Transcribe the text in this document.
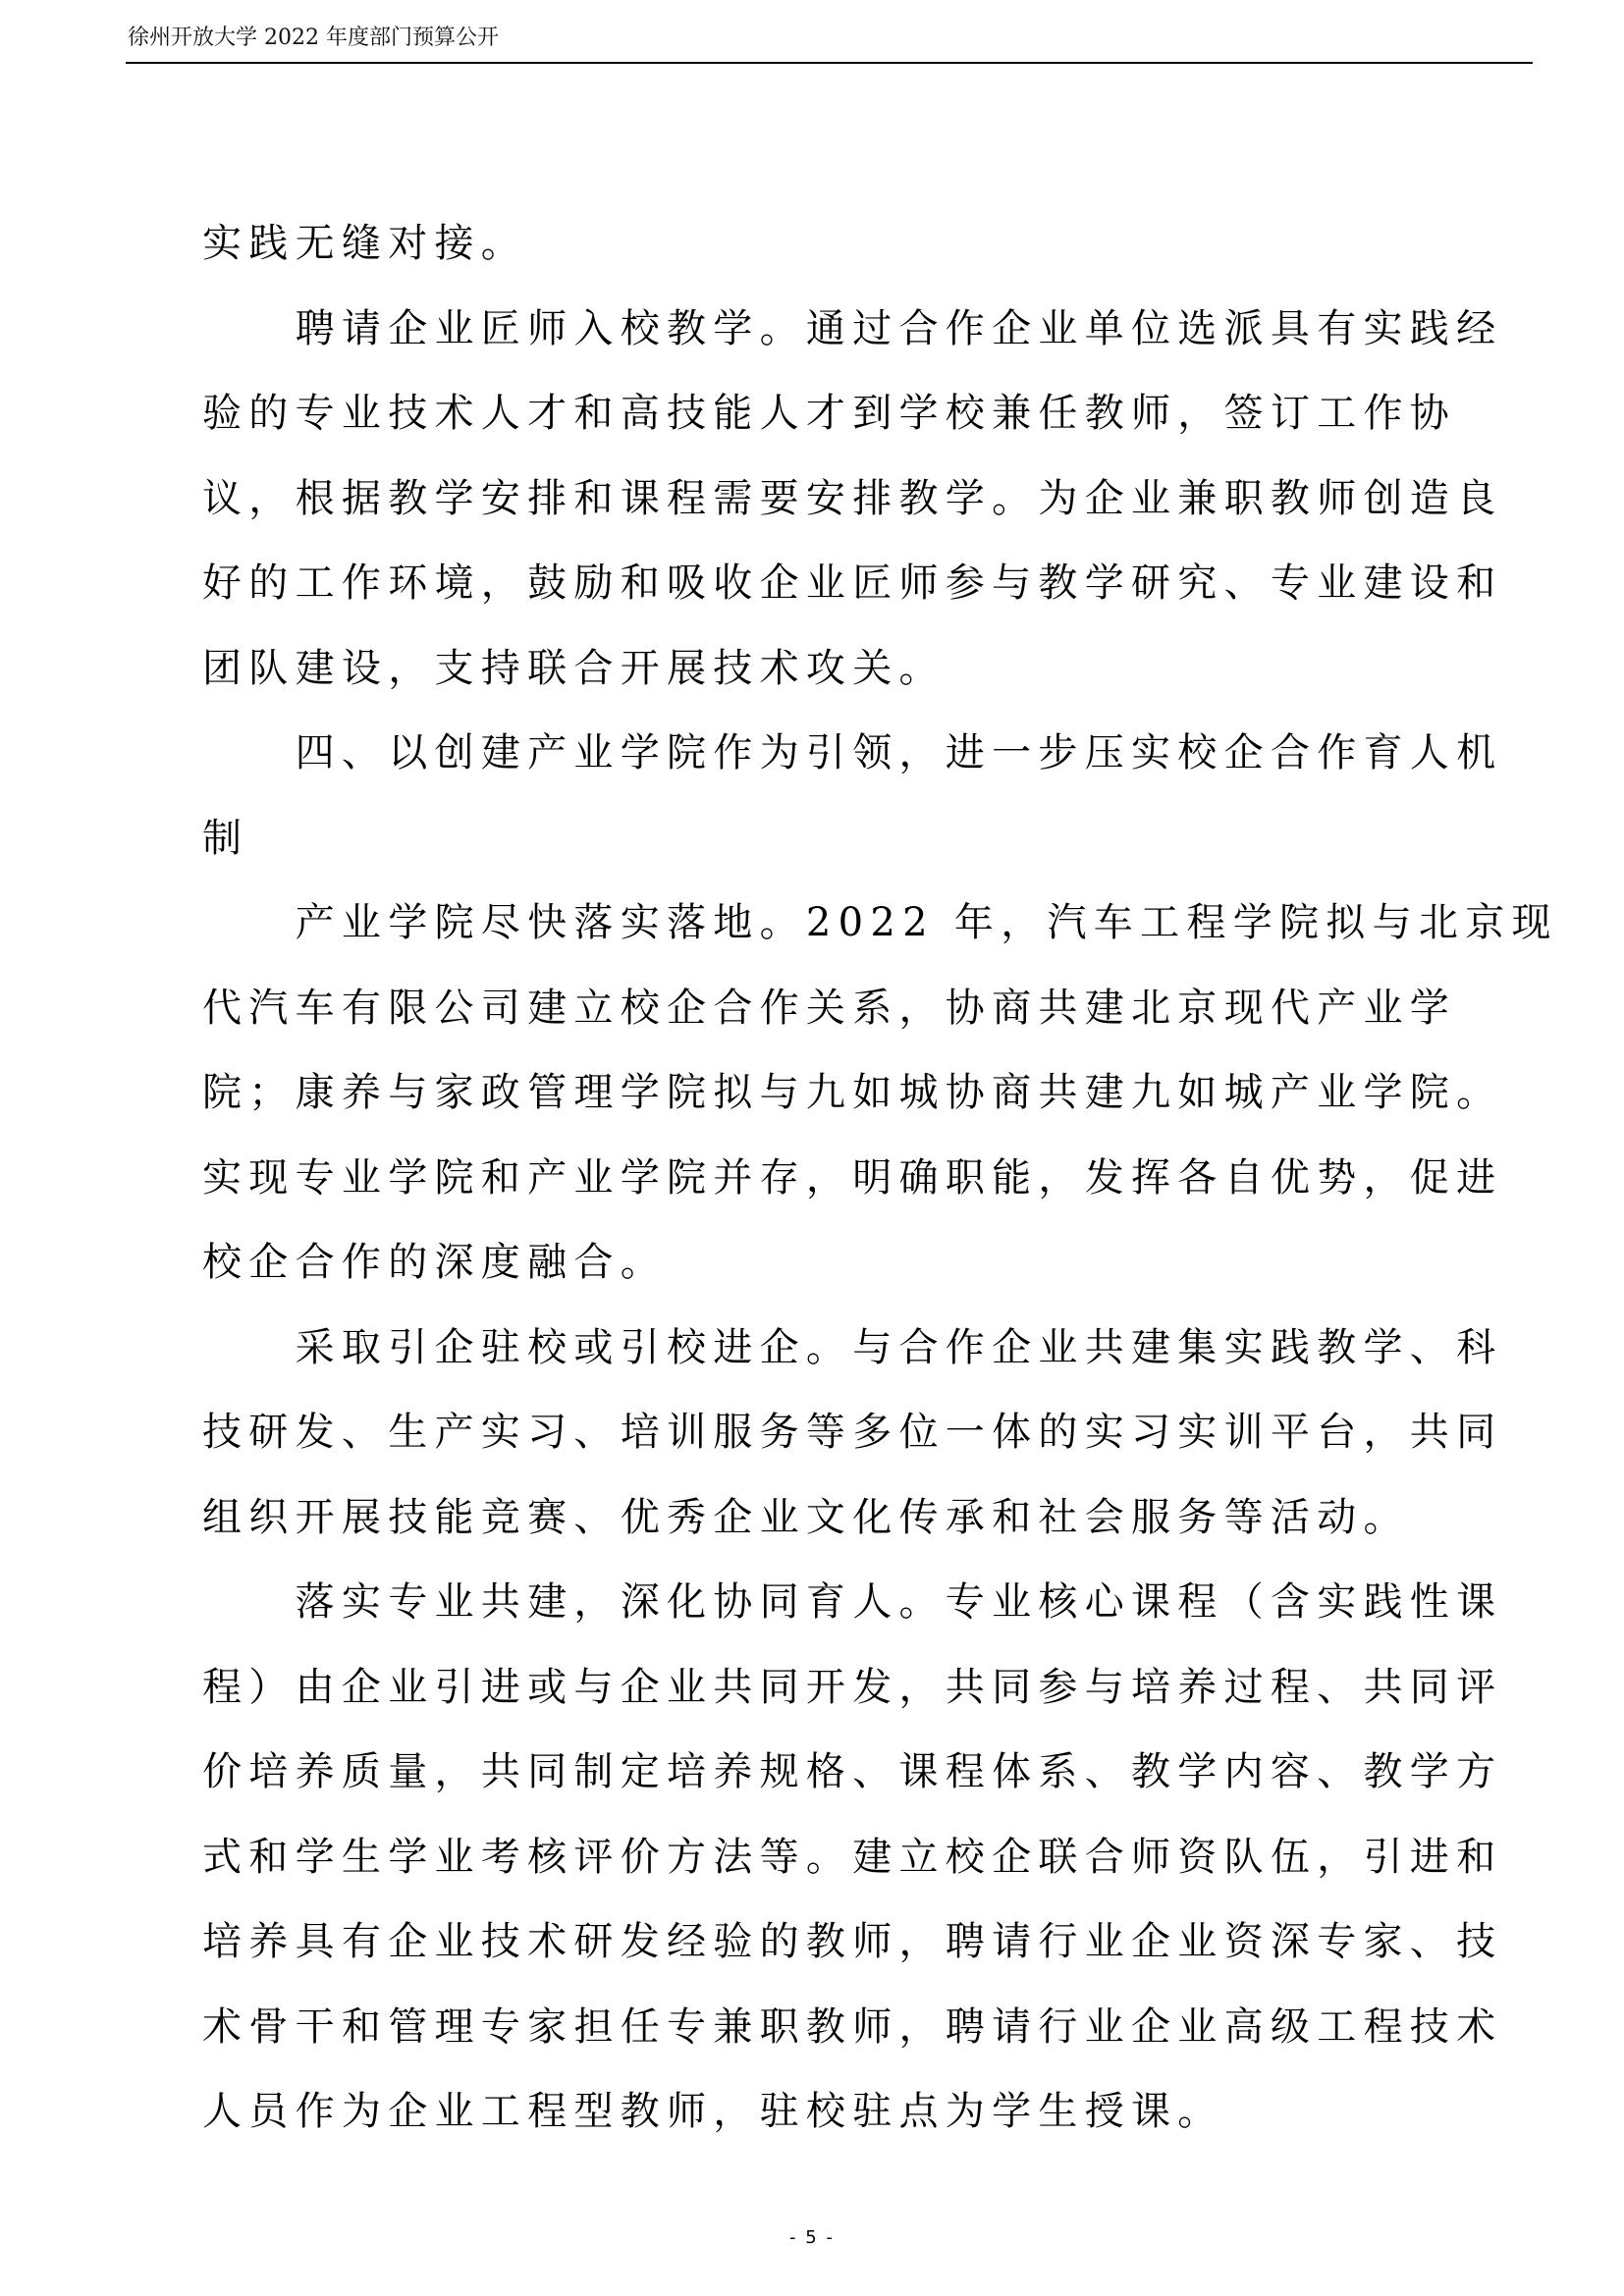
徐州开放大学 2022 年度部门预算公开
实践无缝对接。
聘请企业匠师入校教学。通过合作企业单位选派具有实践经
验的专业技术人才和高技能人才到学校兼任教师，签订工作协
议，根据教学安排和课程需要安排教学。为企业兼职教师创造良
好的工作环境，鼓励和吸收企业匠师参与教学研究、专业建设和
团队建设，支持联合开展技术攻关。
四、以创建产业学院作为引领，进一步压实校企合作育人机
制
产业学院尽快落实落地。2022 年，汽车工程学院拟与北京现
代汽车有限公司建立校企合作关系，协商共建北京现代产业学
院；康养与家政管理学院拟与九如城协商共建九如城产业学院。
实现专业学院和产业学院并存，明确职能，发挥各自优势，促进
校企合作的深度融合。
采取引企驻校或引校进企。与合作企业共建集实践教学、科
技研发、生产实习、培训服务等多位一体的实习实训平台，共同
组织开展技能竞赛、优秀企业文化传承和社会服务等活动。
落实专业共建，深化协同育人。专业核心课程（含实践性课
程）由企业引进或与企业共同开发，共同参与培养过程、共同评
价培养质量，共同制定培养规格、课程体系、教学内容、教学方
式和学生学业考核评价方法等。建立校企联合师资队伍，引进和
培养具有企业技术研发经验的教师，聘请行业企业资深专家、技
术骨干和管理专家担任专兼职教师，聘请行业企业高级工程技术
人员作为企业工程型教师，驻校驻点为学生授课。
- 5 -
